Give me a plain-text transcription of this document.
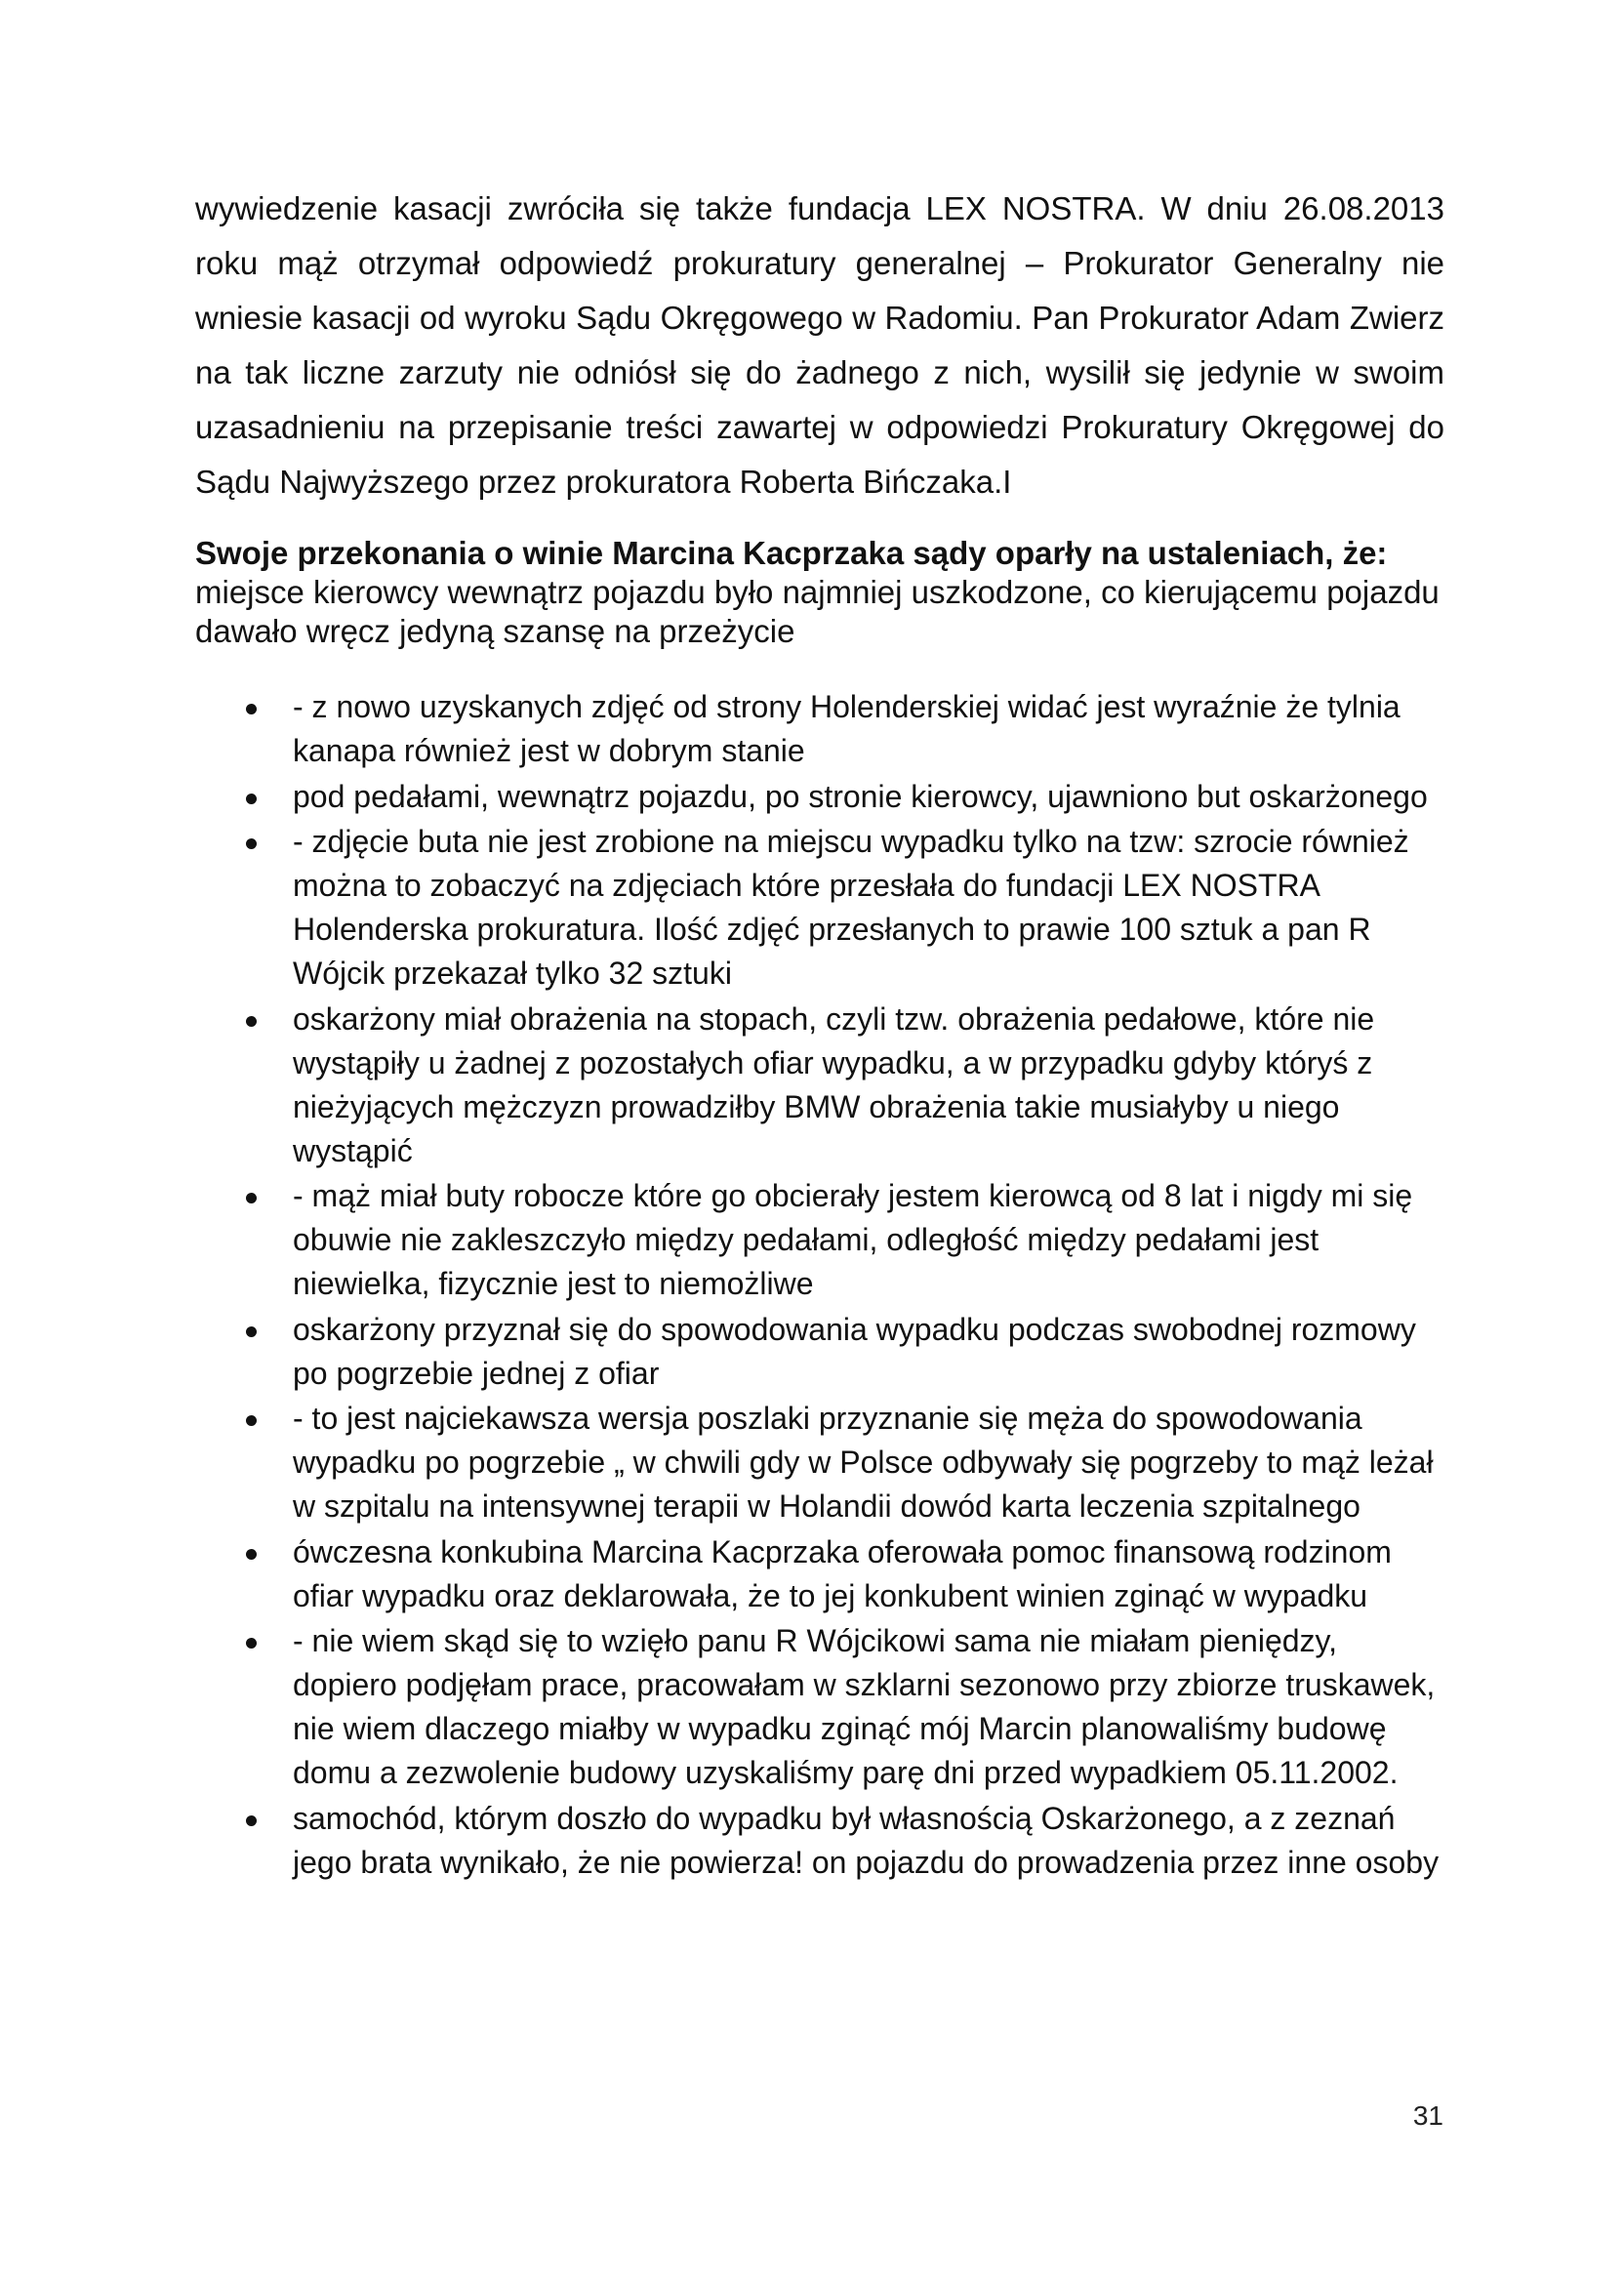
wywiedzenie kasacji zwróciła się także fundacja LEX NOSTRA. W dniu 26.08.2013 roku mąż otrzymał odpowiedź prokuratury generalnej – Prokurator Generalny nie wniesie kasacji od wyroku Sądu Okręgowego w Radomiu. Pan Prokurator Adam Zwierz na tak liczne zarzuty nie odniósł się do żadnego z nich, wysilił się jedynie w swoim uzasadnieniu na przepisanie treści zawartej w odpowiedzi Prokuratury Okręgowej do Sądu Najwyższego przez prokuratora Roberta Bińczaka.I

Swoje przekonania o winie Marcina Kacprzaka sądy oparły na ustaleniach, że:
miejsce kierowcy wewnątrz pojazdu było najmniej uszkodzone, co kierującemu pojazdu dawało wręcz jedyną szansę na przeżycie
- z nowo uzyskanych zdjęć od strony Holenderskiej widać jest wyraźnie że tylnia kanapa również jest w dobrym stanie
pod pedałami, wewnątrz pojazdu, po stronie kierowcy, ujawniono but oskarżonego
- zdjęcie buta nie jest zrobione na miejscu wypadku tylko na tzw: szrocie również można to zobaczyć na zdjęciach które przesłała do fundacji LEX NOSTRA Holenderska prokuratura. Ilość zdjęć przesłanych to prawie 100 sztuk a pan R Wójcik przekazał tylko 32 sztuki
oskarżony miał obrażenia na stopach, czyli tzw. obrażenia pedałowe, które nie wystąpiły u żadnej z pozostałych ofiar wypadku, a w przypadku gdyby któryś z nieżyjących mężczyzn prowadziłby BMW obrażenia takie musiałyby u niego wystąpić
- mąż miał buty robocze które go obcierały jestem kierowcą od 8 lat i nigdy mi się obuwie nie zakleszczyło między pedałami, odległość między pedałami jest niewielka, fizycznie jest to niemożliwe
oskarżony przyznał się do spowodowania wypadku podczas swobodnej rozmowy po pogrzebie jednej z ofiar
- to jest najciekawsza wersja poszlaki przyznanie się męża do spowodowania wypadku po pogrzebie „ w chwili gdy w Polsce odbywały się pogrzeby to mąż leżał w szpitalu na intensywnej terapii w Holandii dowód karta leczenia szpitalnego
ówczesna konkubina Marcina Kacprzaka oferowała pomoc finansową rodzinom ofiar wypadku oraz deklarowała, że to jej konkubent winien zginąć w wypadku
- nie wiem skąd się to wzięło panu R Wójcikowi sama nie miałam pieniędzy, dopiero podjęłam prace, pracowałam w szklarni sezonowo przy zbiorze truskawek, nie wiem dlaczego miałby w wypadku zginąć mój Marcin planowaliśmy budowę domu a zezwolenie budowy uzyskaliśmy parę dni przed wypadkiem 05.11.2002.
samochód, którym doszło do wypadku był własnością Oskarżonego, a z zeznań jego brata wynikało, że nie powierza! on pojazdu do prowadzenia przez inne osoby
31
